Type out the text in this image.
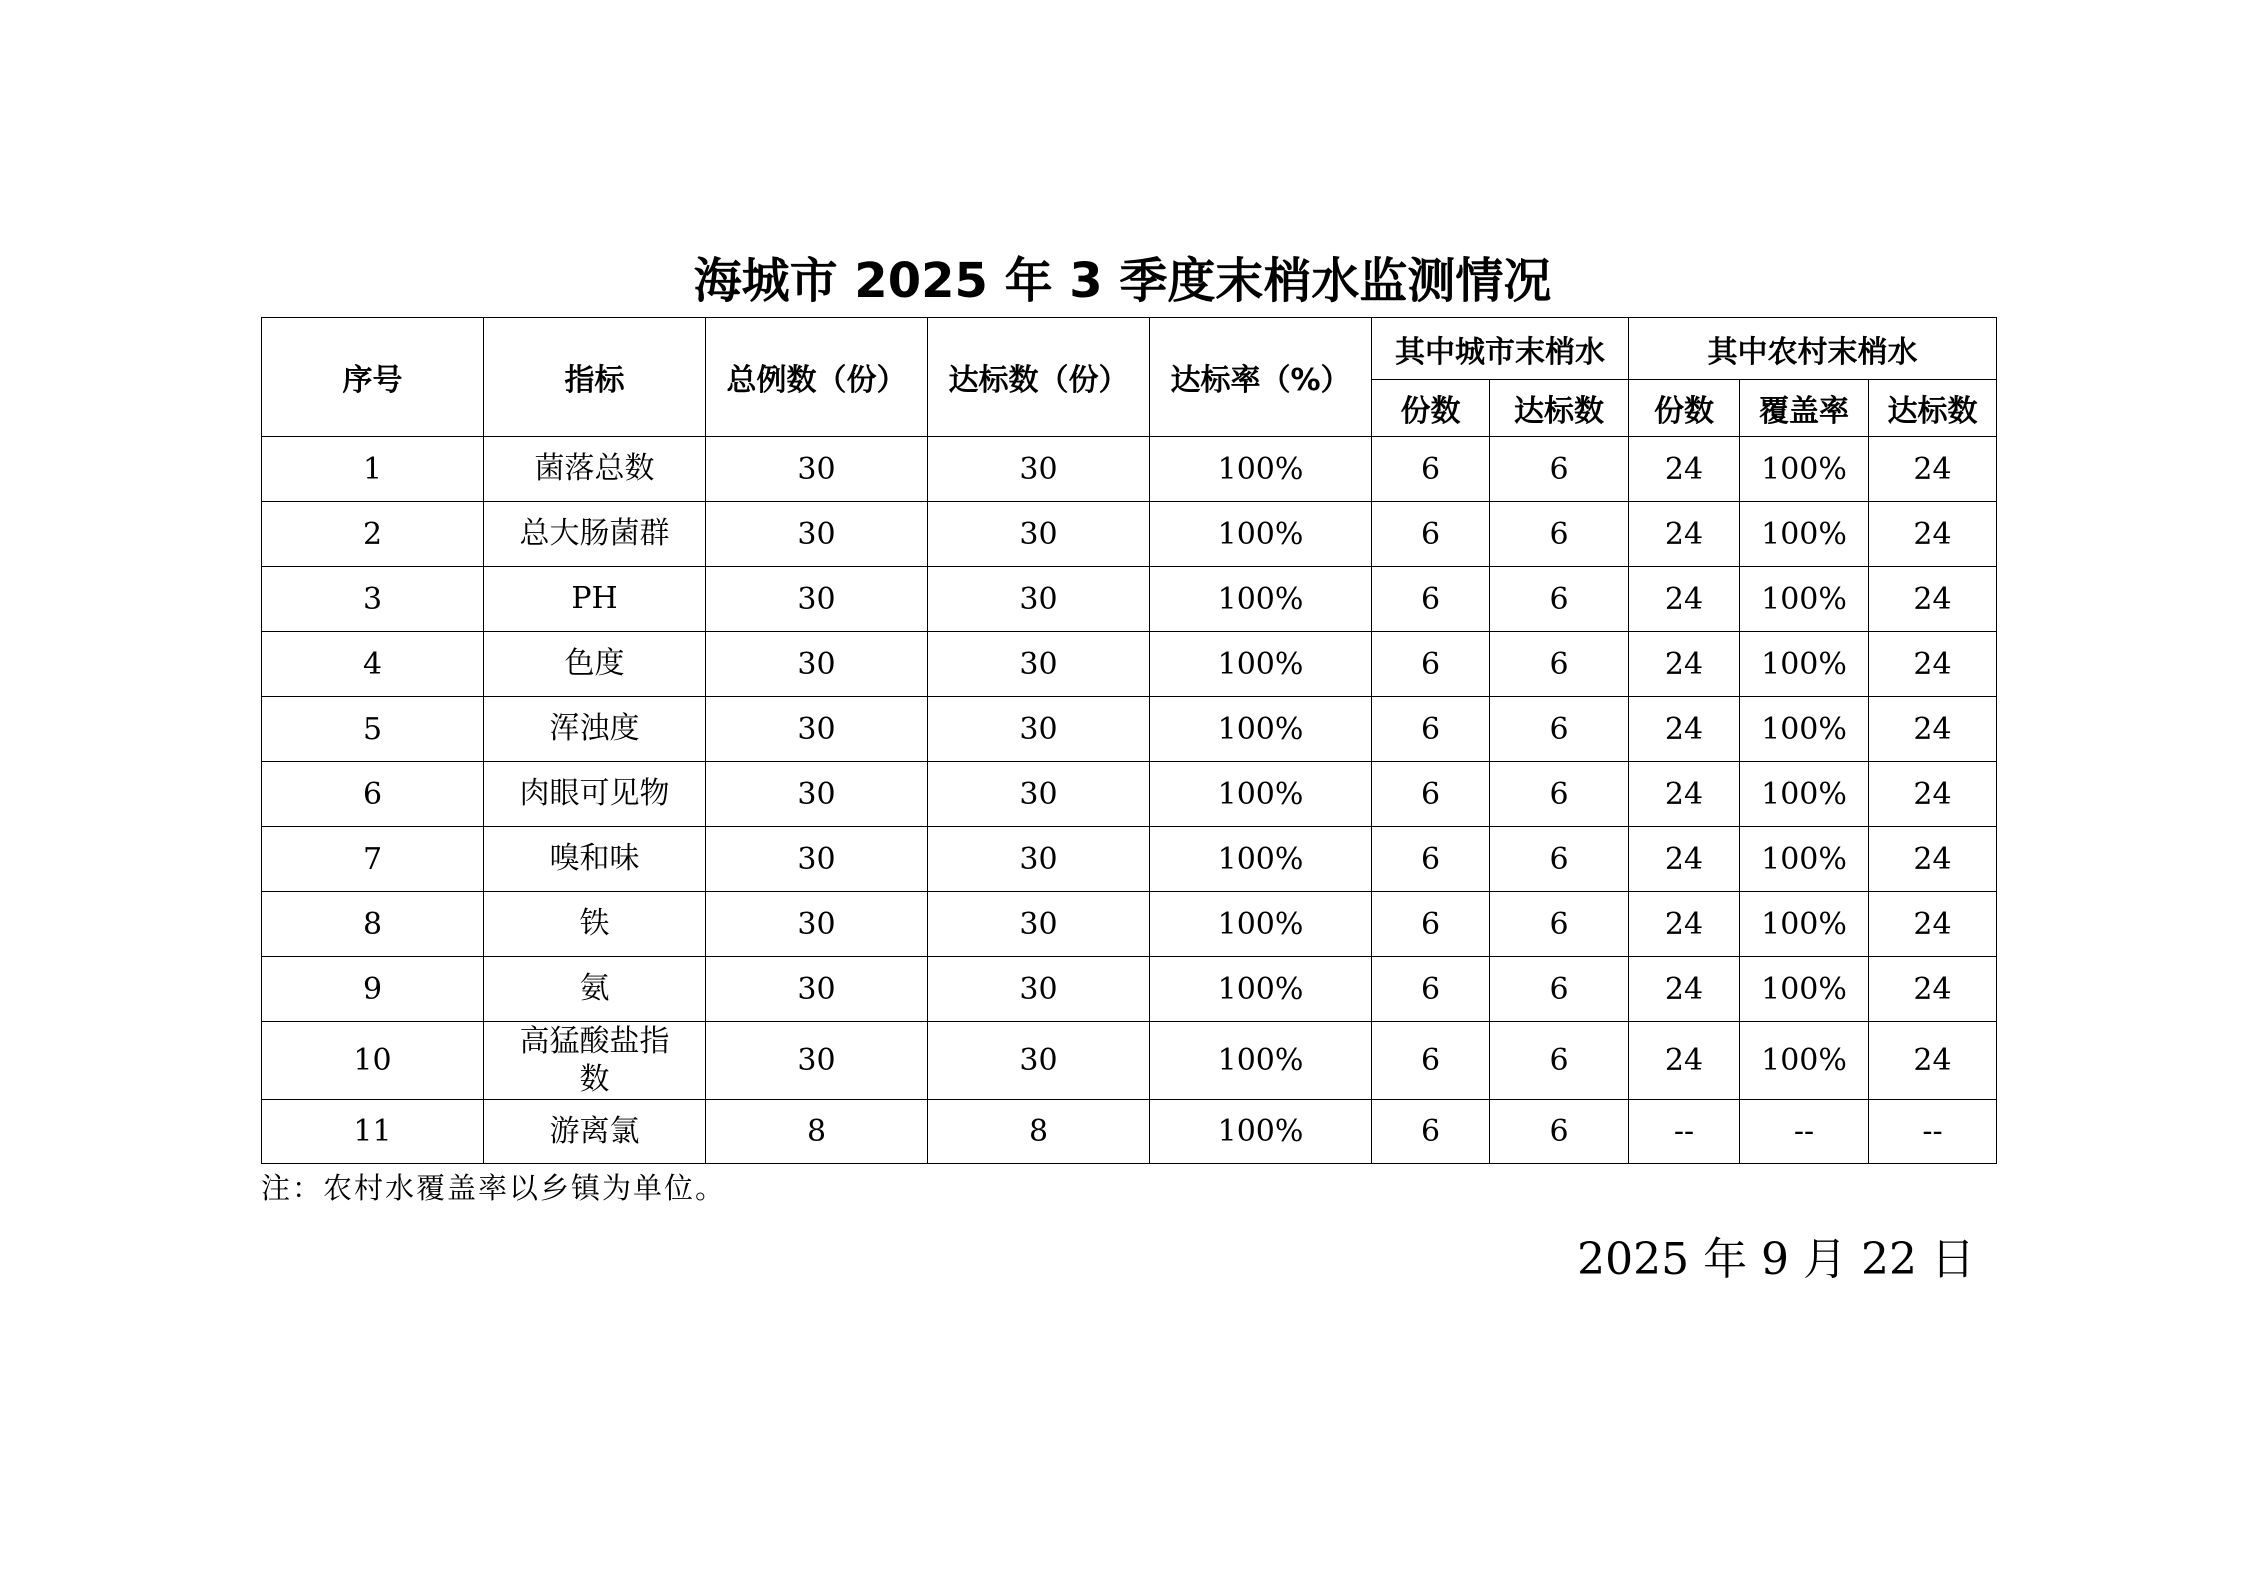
海城市 2025 年 3 季度末梢水监测情况
序号	指标	总例数（份）	达标数（份）	达标率（%）	其中城市末梢水		其中农村末梢水		
					份数	达标数	份数	覆盖率	达标数
1	菌落总数	30	30	100%	6	6	24	100%	24
2	总大肠菌群	30	30	100%	6	6	24	100%	24
3	PH	30	30	100%	6	6	24	100%	24
4	色度	30	30	100%	6	6	24	100%	24
5	浑浊度	30	30	100%	6	6	24	100%	24
6	肉眼可见物	30	30	100%	6	6	24	100%	24
7	嗅和味	30	30	100%	6	6	24	100%	24
8	铁	30	30	100%	6	6	24	100%	24
9	氨	30	30	100%	6	6	24	100%	24
10	高猛酸盐指数	30	30	100%	6	6	24	100%	24
11	游离氯	8	8	100%	6	6	--	--	--

注：农村水覆盖率以乡镇为单位。

2025 年 9 月 22 日
